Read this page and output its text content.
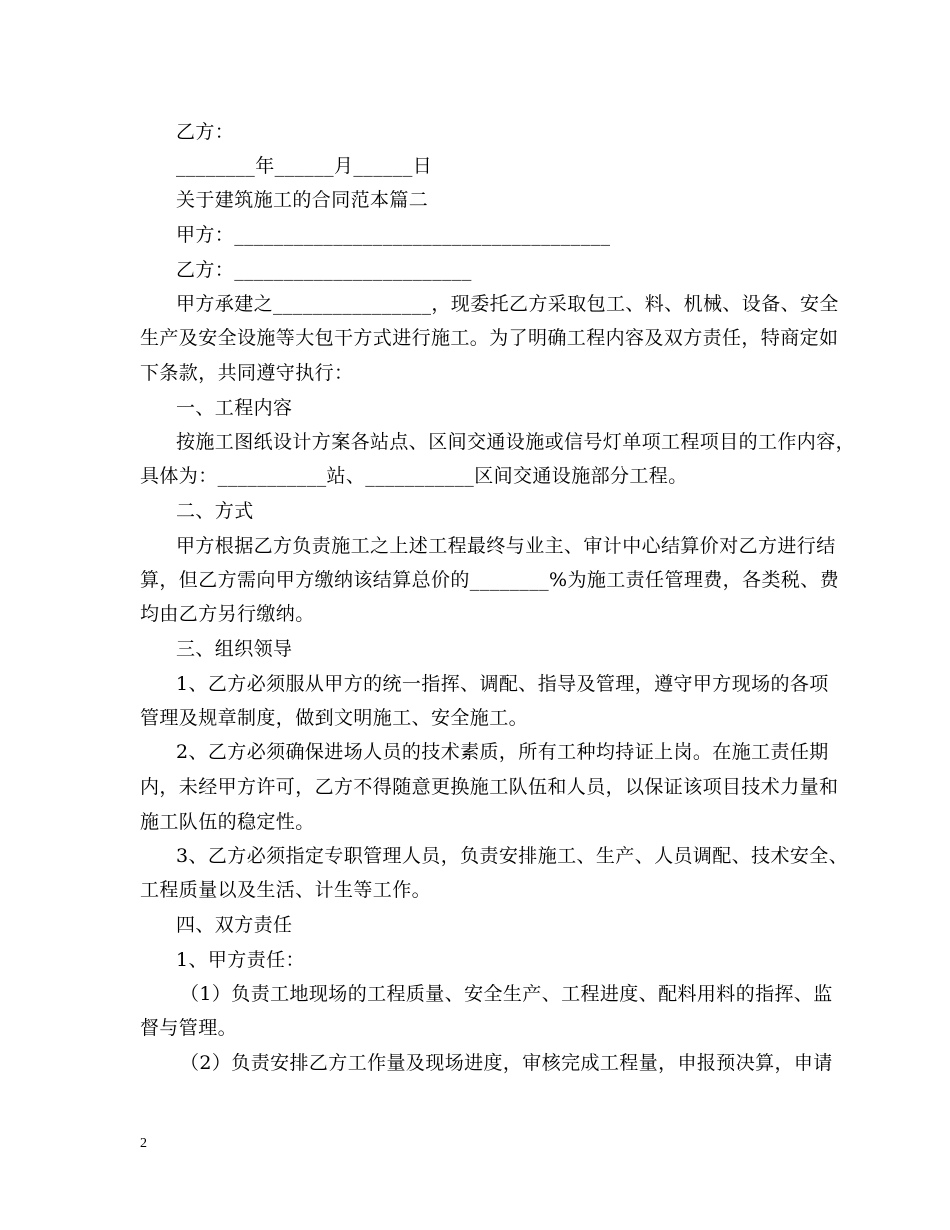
乙方：
________年______月______日
关于建筑施工的合同范本篇二
甲方：______________________________________
乙方：________________________
甲方承建之________________，现委托乙方采取包工、料、机械、设备、安全
生产及安全设施等大包干方式进行施工。为了明确工程内容及双方责任，特商定如
下条款，共同遵守执行：
一、工程内容
按施工图纸设计方案各站点、区间交通设施或信号灯单项工程项目的工作内容，
具体为：___________站、___________区间交通设施部分工程。
二、方式
甲方根据乙方负责施工之上述工程最终与业主、审计中心结算价对乙方进行结
算，但乙方需向甲方缴纳该结算总价的________%为施工责任管理费，各类税、费
均由乙方另行缴纳。
三、组织领导
1、乙方必须服从甲方的统一指挥、调配、指导及管理，遵守甲方现场的各项
管理及规章制度，做到文明施工、安全施工。
2、乙方必须确保进场人员的技术素质，所有工种均持证上岗。在施工责任期
内，未经甲方许可，乙方不得随意更换施工队伍和人员，以保证该项目技术力量和
施工队伍的稳定性。
3、乙方必须指定专职管理人员，负责安排施工、生产、人员调配、技术安全、
工程质量以及生活、计生等工作。
四、双方责任
1、甲方责任：
（1）负责工地现场的工程质量、安全生产、工程进度、配料用料的指挥、监
督与管理。
（2）负责安排乙方工作量及现场进度，审核完成工程量，申报预决算，申请
2
